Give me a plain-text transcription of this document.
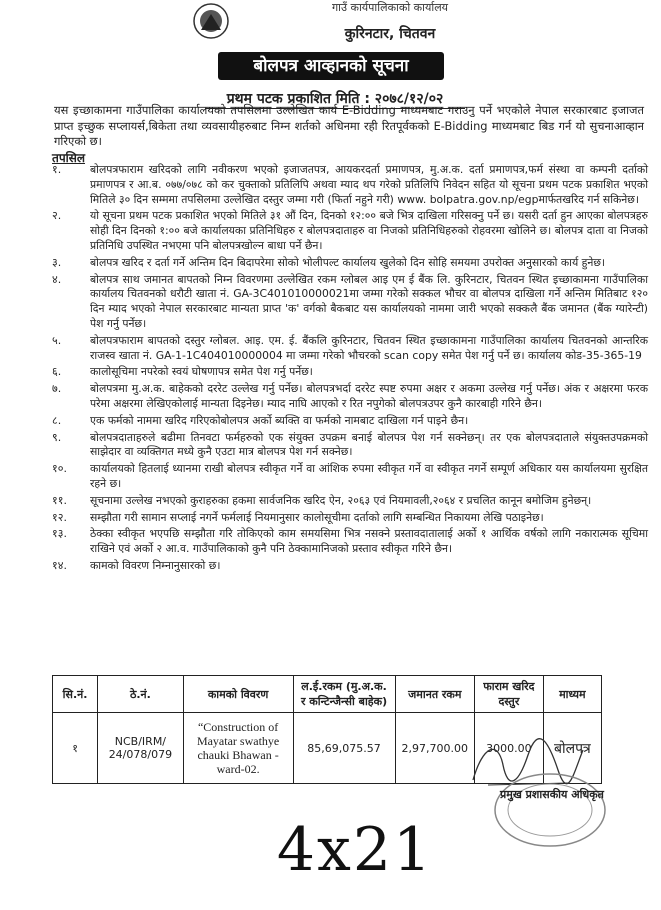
गाउँ कार्यपालिकाको कार्यालय
कुरिनटार, चितवन
बोलपत्र आव्हानको सूचना
प्रथम पटक प्रकाशित मिति : २०७८/१२/०२
यस इच्छाकामना गाउँपालिका कार्यालयको तपसिलमा उल्लेखित कार्य E-Bidding माध्यमबाट गराउनु पर्ने भएकोले नेपाल सरकारबाट इजाजत प्राप्त इच्छुक सप्लायर्स,बिकेता तथा व्यवसायीहरुबाट निम्न शर्तको अधिनमा रही रितपूर्वकको E-Bidding माध्यमबाट बिड गर्न यो सुचनाआव्हान गरिएको छ।
तपसिल
१.	बोलपत्रफाराम खरिदको लागि नवीकरण भएको इजाजतपत्र, आयकरदर्ता प्रमाणपत्र, मु.अ.क. दर्ता प्रमाणपत्र,फर्म संस्था वा कम्पनी दर्ताको प्रमाणपत्र र आ.ब. ०७७/०७८ को कर चुक्ताको प्रतिलिपि अथवा म्याद थप गरेको प्रतिलिपि निवेदन सहित यो सूचना प्रथम पटक प्रकाशित भएको मितिले ३० दिन सम्ममा तपसिलमा उल्लेखित दस्तुर जम्मा गरी (फिर्ता नहुने गरी) www. bolpatra.gov.np/egpमार्फतखरिद गर्न सकिनेछ।
२.	यो सूचना प्रथम पटक प्रकाशित भएको मितिले ३१ औं दिन, दिनको १२:०० बजे भित्र दाखिला गरिसक्नु पर्ने छ। यसरी दर्ता हुन आएका बोलपत्रहरु सोही दिन दिनको १:०० बजे कार्यालयका प्रतिनिधिहरु र बोलपत्रदाताहरु वा निजको प्रतिनिधिहरुको रोहवरमा खोलिने छ। बोलपत्र दाता वा निजको प्रतिनिधि उपस्थित नभएमा पनि बोलपत्रखोल्न बाधा पर्ने छैन।
३.	बोलपत्र खरिद र दर्ता गर्ने अन्तिम दिन बिदापरेमा सोको भोलीपल्ट कार्यालय खुलेको दिन सोहि समयमा उपरोक्त अनुसारको कार्य हुनेछ।
४.	बोलपत्र साथ जमानत बापतको निम्न विवरणमा उल्लेखित रकम ग्लोबल आइ एम ई बैंक लि. कुरिनटार, चितवन स्थित इच्छाकामना गाउँपालिका कार्यालय चितवनको धरौटी खाता नं. GA-3C401010000021मा जम्मा गरेको सक्कल भौचर वा बोलपत्र दाखिला गर्ने अन्तिम मितिबाट १२० दिन म्याद भएको नेपाल सरकारबाट मान्यता प्राप्त 'क' वर्गको बैकबाट यस कार्यालयको नाममा जारी भएको सक्कलै बैंक जमानत (बैंक ग्यारेन्टी) पेश गर्नु पर्नेछ।
५.	बोलपत्रफाराम बापतको दस्तुर ग्लोबल. आइ. एम. ई. बैंकलि कुरिनटार, चितवन स्थित इच्छाकामना गाउँपालिका कार्यालय चितवनको आन्तरिक राजस्व खाता नं. GA-1-1C404010000004 मा जम्मा गरेको भौचरको scan copy समेत पेश गर्नु पर्ने छ। कार्यालय कोड-35-365-19
६.	कालोसूचिमा नपरेको स्वयं घोषणापत्र समेत पेश गर्नु पर्नेछ।
७.	बोलपत्रमा मु.अ.क. बाहेकको दररेट उल्लेख गर्नु पर्नेछ। बोलपत्रभर्दा दररेट स्पष्ट रुपमा अक्षर र अकमा उल्लेख गर्नु पर्नेछ। अंक र अक्षरमा फरक परेमा अक्षरमा लेखिएकोलाई मान्यता दिइनेछ। म्याद नाघि आएको र रित नपुगेको बोलपत्रउपर कुनै कारबाही गरिने छैन।
८.	एक फर्मको नाममा खरिद गरिएकोबोलपत्र अर्को ब्यक्ति वा फर्मको नामबाट दाखिला गर्न पाइने छैन।
९.	बोलपत्रदाताहरुले बढीमा तिनवटा फर्महरुको एक संयुक्त उपक्रम बनाई बोलपत्र पेश गर्न सक्नेछन्। तर एक बोलपत्रदाताले संयुक्तउपक्रमको साझेदार वा व्यक्तिगत मध्ये कुनै एउटा मात्र बोलपत्र पेश गर्न सक्नेछ।
१०.	कार्यालयको हितलाई ध्यानमा राखी बोलपत्र स्वीकृत गर्ने वा आंशिक रुपमा स्वीकृत गर्ने वा स्वीकृत नगर्ने सम्पूर्ण अधिकार यस कार्यालयमा सुरक्षित रहने छ।
११.	सूचनामा उल्लेख नभएको कुराहरुका हकमा सार्वजनिक खरिद ऐन, २०६३ एवं नियमावली,२०६४ र प्रचलित कानून बमोजिम हुनेछन्।
१२.	सम्झौता गरी सामान सप्लाई नगर्ने फर्मलाई नियमानुसार कालोसूचीमा दर्ताको लागि सम्बन्धित निकायमा लेखि पठाइनेछ।
१३.	ठेक्का स्वीकृत भएपछि सम्झौता गरि तोकिएको काम समयसिमा भित्र नसक्ने प्रस्तावदातालाई अर्को १ आर्थिक वर्षको लागि नकारात्मक सूचिमा राखिने एवं अर्को २ आ.व. गाउँपालिकाको कुनै पनि ठेक्कामानिजको प्रस्ताव स्वीकृत गरिने छैन।
१४.	कामको विवरण निम्नानुसारको छ।
सि.नं.	ठे.नं.	कामको विवरण	ल.ई.रकम (मु.अ.क. र कन्टिन्जैन्सी बाहेक)	जमानत रकम	फाराम खरिद दस्तुर	माध्यम
१	NCB/IRM/ 24/078/079	“Construction of Mayatar swathye chauki Bhawan -ward-02.	85,69,075.57	2,97,700.00	3000.00	बोलपत्र
प्रमुख प्रशासकीय अधिकृत
4x21
